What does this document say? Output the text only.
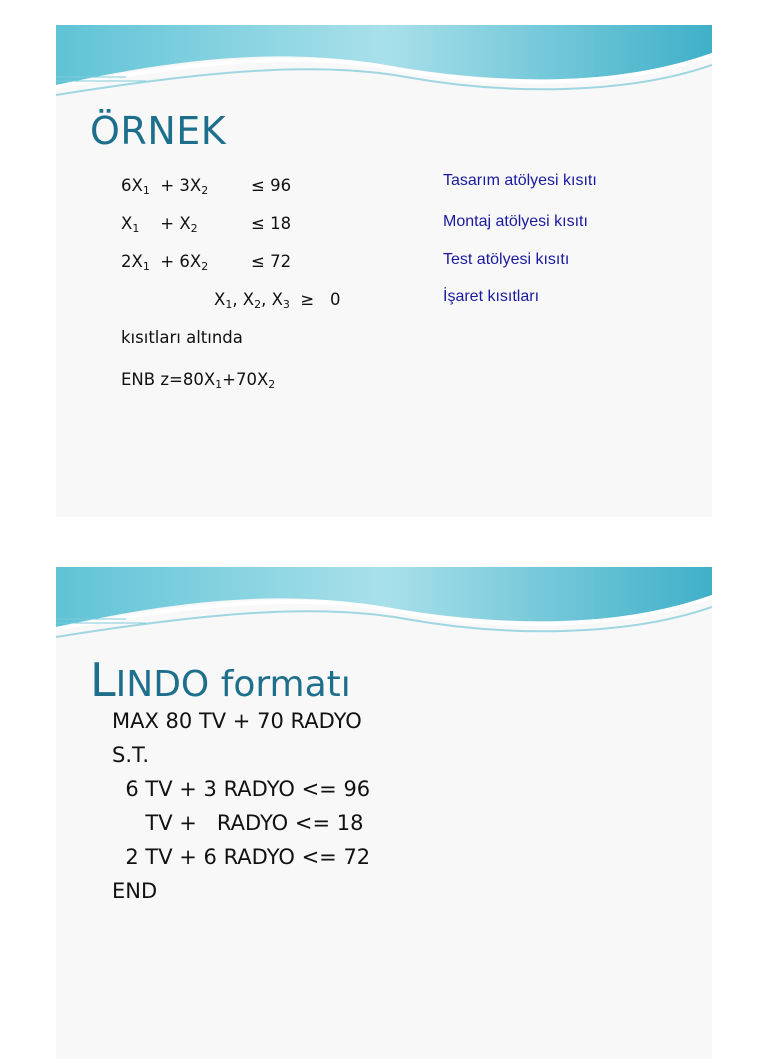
ÖRNEK
$6X_1 + 3X_2$	≤ 96	Tasarım atölyesi kısıtı
$X_1 + X_2$	≤ 18	Montaj atölyesi kısıtı
$2X_1 + 6X_2$	≤ 72	Test atölyesi kısıtı
$X_1$, $X_2$, $X_3 \ge 0$	İşaret kısıtları
kısıtları altında
ENB $z=80X_1+70X_2$
LINDO formatı
MAX 80 TV + 70 RADYO
S.T.
6 TV + 3 RADYO <= 96
TV +   RADYO <= 18
2 TV + 6 RADYO <= 72
END
